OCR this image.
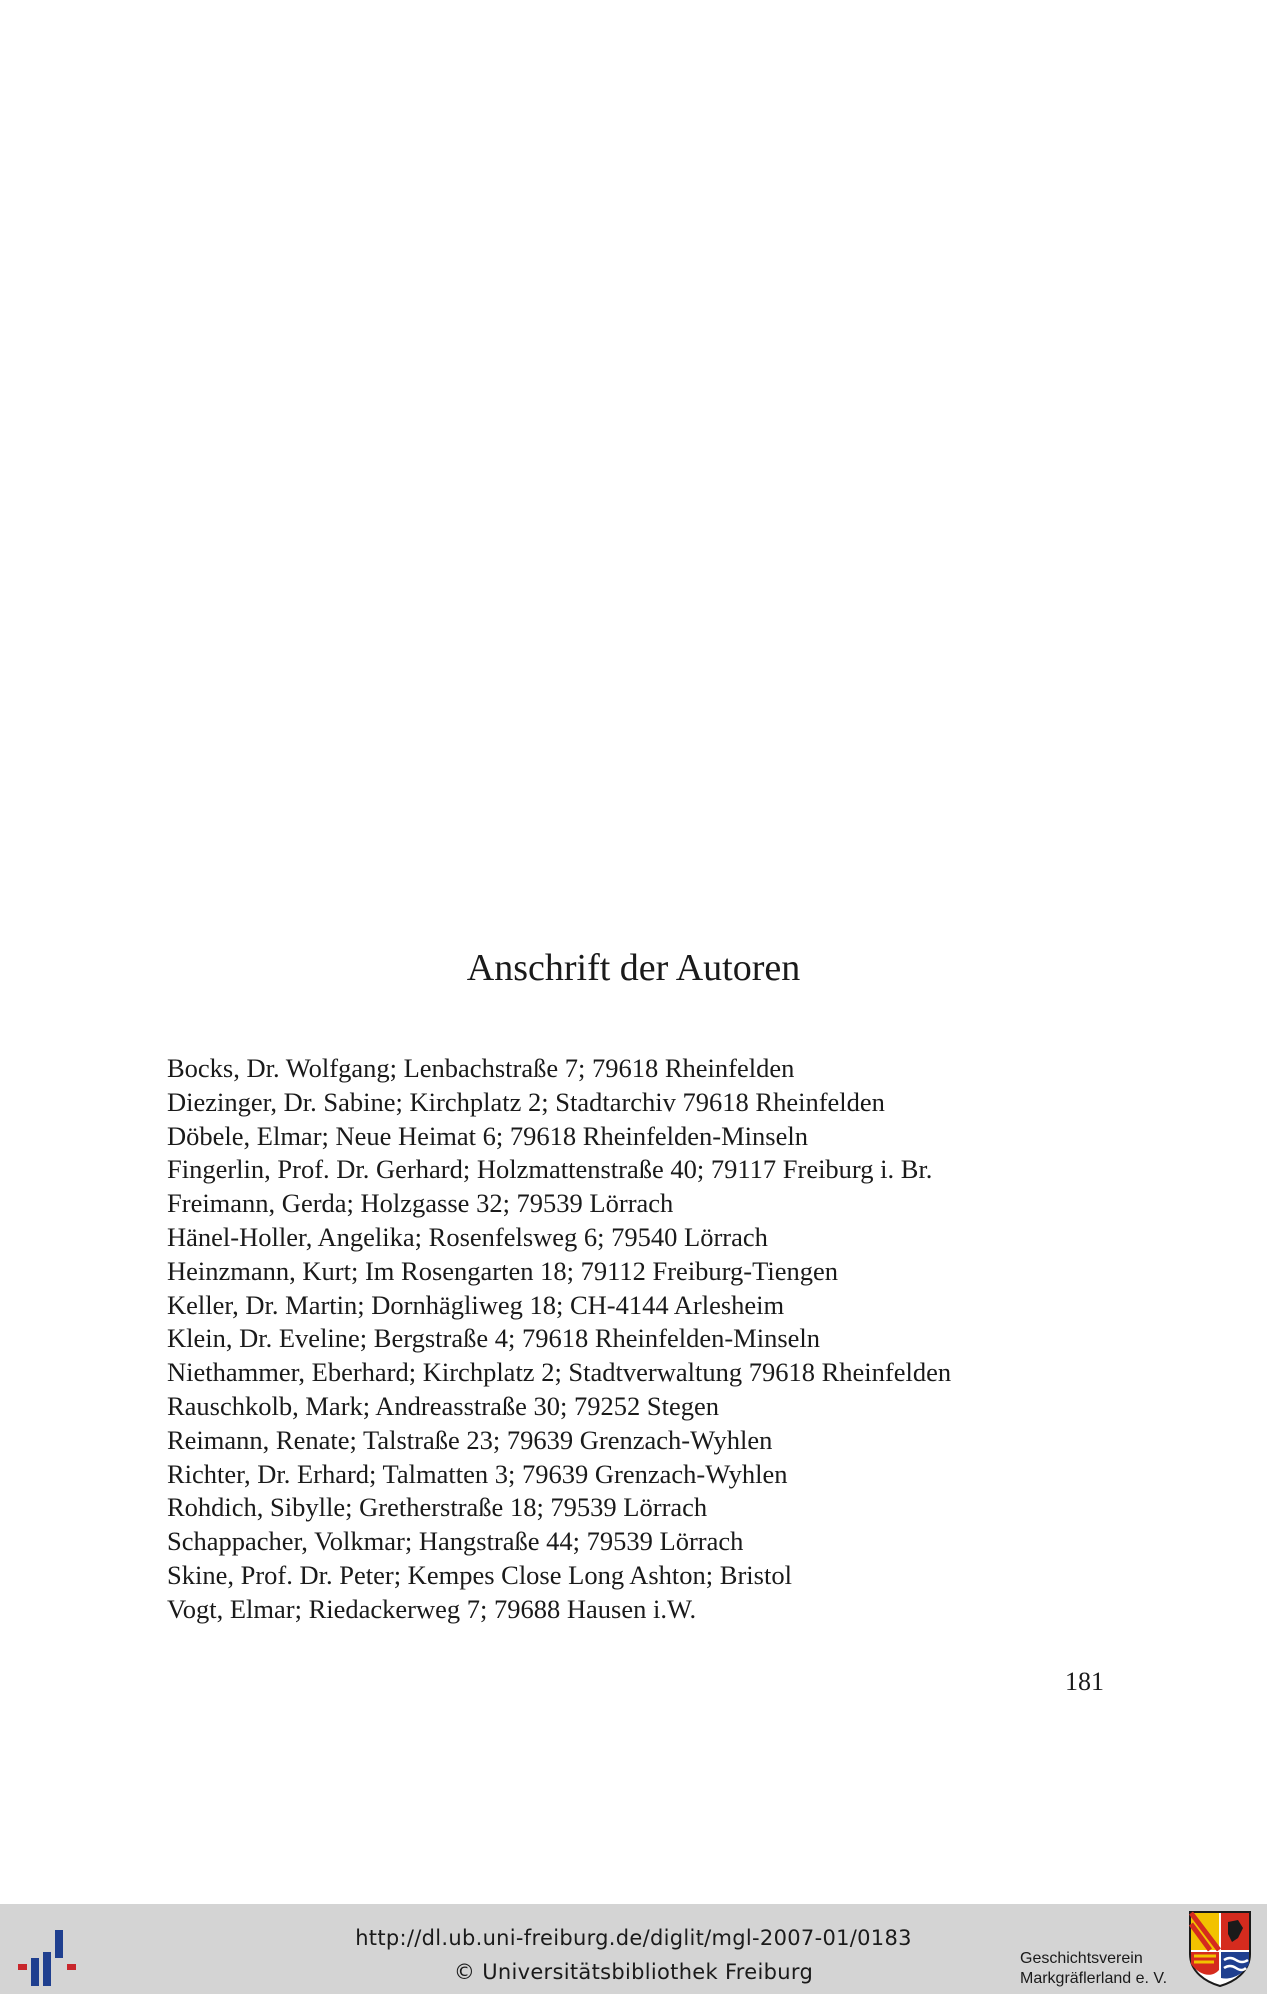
Anschrift der Autoren
Bocks, Dr. Wolfgang; Lenbachstraße 7; 79618 Rheinfelden
Diezinger, Dr. Sabine; Kirchplatz 2; Stadtarchiv 79618 Rheinfelden
Döbele, Elmar; Neue Heimat 6; 79618 Rheinfelden-Minseln
Fingerlin, Prof. Dr. Gerhard; Holzmattenstraße 40; 79117 Freiburg i. Br.
Freimann, Gerda; Holzgasse 32; 79539 Lörrach
Hänel-Holler, Angelika; Rosenfelsweg 6; 79540 Lörrach
Heinzmann, Kurt; Im Rosengarten 18; 79112 Freiburg-Tiengen
Keller, Dr. Martin; Dornhägliweg 18; CH-4144 Arlesheim
Klein, Dr. Eveline; Bergstraße 4; 79618 Rheinfelden-Minseln
Niethammer, Eberhard; Kirchplatz 2; Stadtverwaltung 79618 Rheinfelden
Rauschkolb, Mark; Andreasstraße 30; 79252 Stegen
Reimann, Renate; Talstraße 23; 79639 Grenzach-Wyhlen
Richter, Dr. Erhard; Talmatten 3; 79639 Grenzach-Wyhlen
Rohdich, Sibylle; Gretherstraße 18; 79539 Lörrach
Schappacher, Volkmar; Hangstraße 44; 79539 Lörrach
Skine, Prof. Dr. Peter; Kempes Close Long Ashton; Bristol
Vogt, Elmar; Riedackerweg 7; 79688 Hausen i.W.
181
http://dl.ub.uni-freiburg.de/diglit/mgl-2007-01/0183
© Universitätsbibliothek Freiburg
Geschichtsverein
Markgräflerland e. V.
